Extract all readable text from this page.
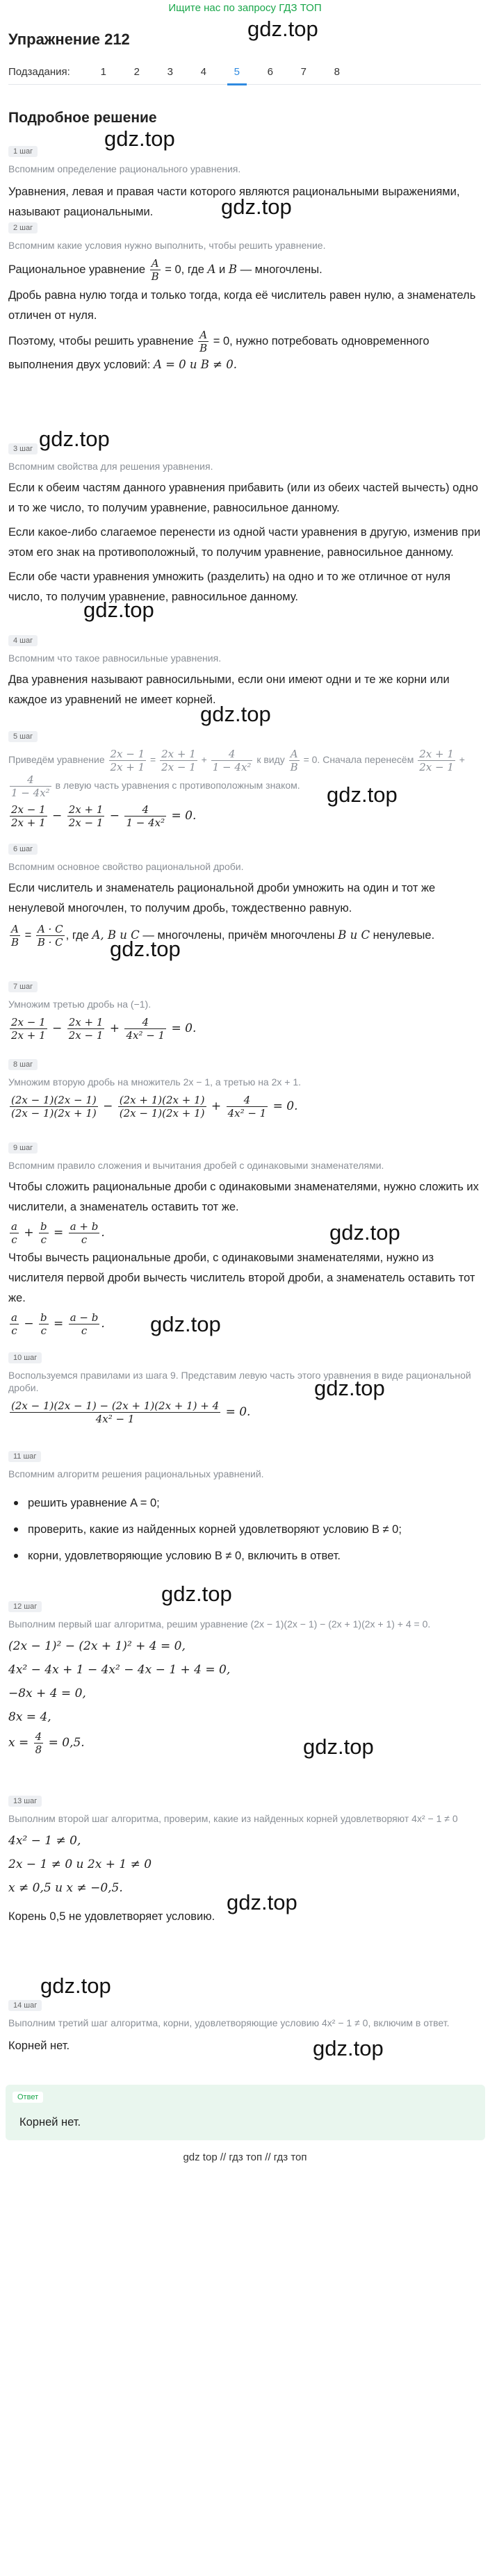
Ищите нас по запросу ГДЗ ТОП
Упражнение 212	gdz.top
Подзадания:	1	2	3	4	5	6	7	8
Подробное решение
gdz.top
1 шаг
Вспомним определение рационального уравнения.
Уравнения, левая и правая части которого являются рациональными выражениями, называют рациональными.	gdz.top
2 шаг
Вспомним какие условия нужно выполнить, чтобы решить уравнение.
Рациональное уравнение $\frac{A}{B} = 0$, где A и B — многочлены.
Дробь равна нулю тогда и только тогда, когда её числитель равен нулю, а знаменатель отличен от нуля.
Поэтому, чтобы решить уравнение $\frac{A}{B} = 0$, нужно потребовать одновременного выполнения двух условий: A = 0 и B ≠ 0.
3 шаг
Вспомним свойства для решения уравнения.
Если к обеим частям данного уравнения прибавить (или из обеих частей вычесть) одно и то же число, то получим уравнение, равносильное данному.
Если какое-либо слагаемое перенести из одной части уравнения в другую, изменив при этом его знак на противоположный, то получим уравнение, равносильное данному.
Если обе части уравнения умножить (разделить) на одно и то же отличное от нуля число, то получим уравнение, равносильное данному.
gdz.top
gdz.top
4 шаг
Вспомним что такое равносильные уравнения.
Два уравнения называют равносильными, если они имеют одни и те же корни или каждое из уравнений не имеет корней.
gdz.top
5 шаг
Приведём уравнение $\frac{2x - 1}{2x + 1} = \frac{2x + 1}{2x - 1} + \frac{4}{\text{1 − 4x²}}$ к виду $\frac{A}{B} = 0$. Сначала перенесём $\frac{2x + 1}{2x - 1}$ +
$\frac{4}{\text{1 − 4x²}}$ в левую часть уравнения с противоположным знаком.
$\frac{2x - 1}{2x + 1} - \frac{2x + 1}{2x - 1} - \frac{4}{\text{1 − 4x²}} = 0$.
gdz.top
6 шаг
Вспомним основное свойство рациональной дроби.
Если числитель и знаменатель рациональной дроби умножить на один и тот же ненулевой многочлен, то получим дробь, тождественно равную.
$\frac{A}{B} = \frac{A \cdot C}{B \cdot C}$ , где A, B и C — многочлены, причём многочлены B и C ненулевые.
gdz.top
7 шаг
Умножим третью дробь на (−1).
$\frac{2x - 1}{2x + 1} - \frac{2x + 1}{2x - 1} + \frac{4}{\text{4x² − 1}} = 0$.
8 шаг
Умножим вторую дробь на множитель 2x − 1, а третью на 2x + 1.
$\frac{(2x - 1)(2x - 1)}{(2x - 1)(2x + 1)} - \frac{(2x + 1)(2x + 1)}{(2x - 1)(2x + 1)} + \frac{4}{\text{4x² − 1}} = 0$.
9 шаг
Вспомним правило сложения и вычитания дробей с одинаковыми знаменателями.
Чтобы сложить рациональные дроби с одинаковыми знаменателями, нужно сложить их числители, а знаменатель оставить тот же.
$\frac{a}{c} + \frac{b}{c} = \frac{a + b}{c}$ .
Чтобы вычесть рациональные дроби, с одинаковыми знаменателями, нужно из числителя первой дроби вычесть числитель второй дроби, а знаменатель оставить тот же.
$\frac{a}{c} - \frac{b}{c} = \frac{a - b}{c}$ .
gdz.top
gdz.top
10 шаг
Воспользуемся правилами из шага 9. Представим левую часть этого уравнения в виде рациональной дроби.
$\frac{(2x - 1)(2x - 1) - (2x + 1)(2x + 1) + 4}{\text{4x² − 1}} = 0$.
gdz.top
11 шаг
Вспомним алгоритм решения рациональных уравнений.
решить уравнение A = 0;
проверить, какие из найденных корней удовлетворяют условию B ≠ 0;
корни, удовлетворяющие условию B ≠ 0, включить в ответ.
gdz.top
12 шаг
Выполним первый шаг алгоритма, решим уравнение (2x − 1)(2x − 1) − (2x + 1)(2x + 1) + 4 = 0.
(2x − 1)² − (2x + 1)² + 4 = 0,
4x² − 4x + 1 − 4x² − 4x − 1 + 4 = 0,
−8x + 4 = 0,
8x = 4,
$x = \frac{4}{8} = 0,5$.	gdz.top
13 шаг
Выполним второй шаг алгоритма, проверим, какие из найденных корней удовлетворяют 4x² − 1 ≠ 0
4x² − 1 ≠ 0,
2x − 1 ≠ 0 и 2x + 1 ≠ 0
x ≠ 0,5 и x ≠ −0,5.
Корень 0,5 не удовлетворяет условию.
gdz.top
gdz.top
14 шаг
Выполним третий шаг алгоритма, корни, удовлетворяющие условию 4x² − 1 ≠ 0, включим в ответ.
Корней нет.	gdz.top
Ответ
Корней нет.
gdz top // гдз топ // гдз топ
